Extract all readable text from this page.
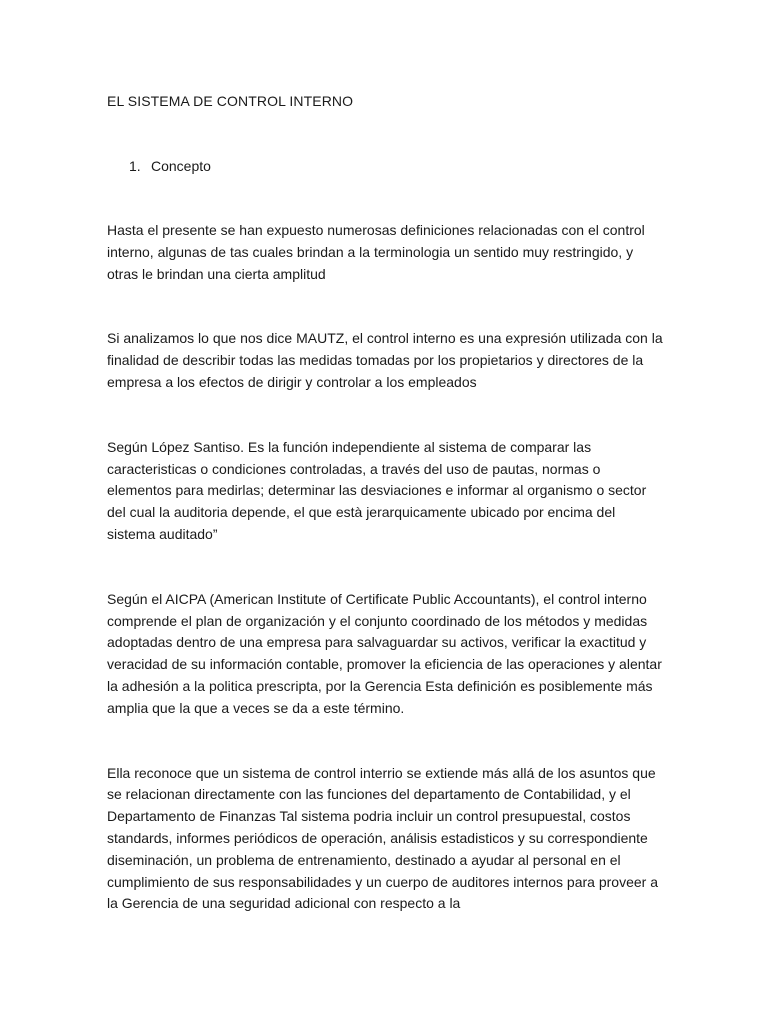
EL SISTEMA DE CONTROL INTERNO
1. Concepto

Hasta el presente se han expuesto numerosas definiciones relacionadas con el control interno, algunas de tas cuales brindan a la terminologia un sentido muy restringido, y otras le brindan una cierta amplitud

Si analizamos lo que nos dice MAUTZ, el control interno es una expresión utilizada con la finalidad de describir todas las medidas tomadas por los propietarios y directores de la empresa a los efectos de dirigir y controlar a los empleados

Según López Santiso. Es la función independiente al sistema de comparar las caracteristicas o condiciones controladas, a través del uso de pautas, normas o elementos para medirlas; determinar las desviaciones e informar al organismo o sector del cual la auditoria depende, el que està jerarquicamente ubicado por encima del sistema auditado”

Según el AICPA (American Institute of Certificate Public Accountants), el control interno comprende el plan de organización y el conjunto coordinado de los métodos y medidas adoptadas dentro de una empresa para salvaguardar su activos, verificar la exactitud y veracidad de su información contable, promover la eficiencia de las operaciones y alentar la adhesión a la politica prescripta, por la Gerencia Esta definición es posiblemente más amplia que la que a veces se da a este término.

Ella reconoce que un sistema de control interrio se extiende más allá de los asuntos que se relacionan directamente con las funciones del departamento de Contabilidad, y el Departamento de Finanzas Tal sistema podria incluir un control presupuestal, costos standards, informes periódicos de operación, análisis estadisticos y su correspondiente diseminación, un problema de entrenamiento, destinado a ayudar al personal en el cumplimiento de sus responsabilidades y un cuerpo de auditores internos para proveer a la Gerencia de una seguridad adicional con respecto a la
